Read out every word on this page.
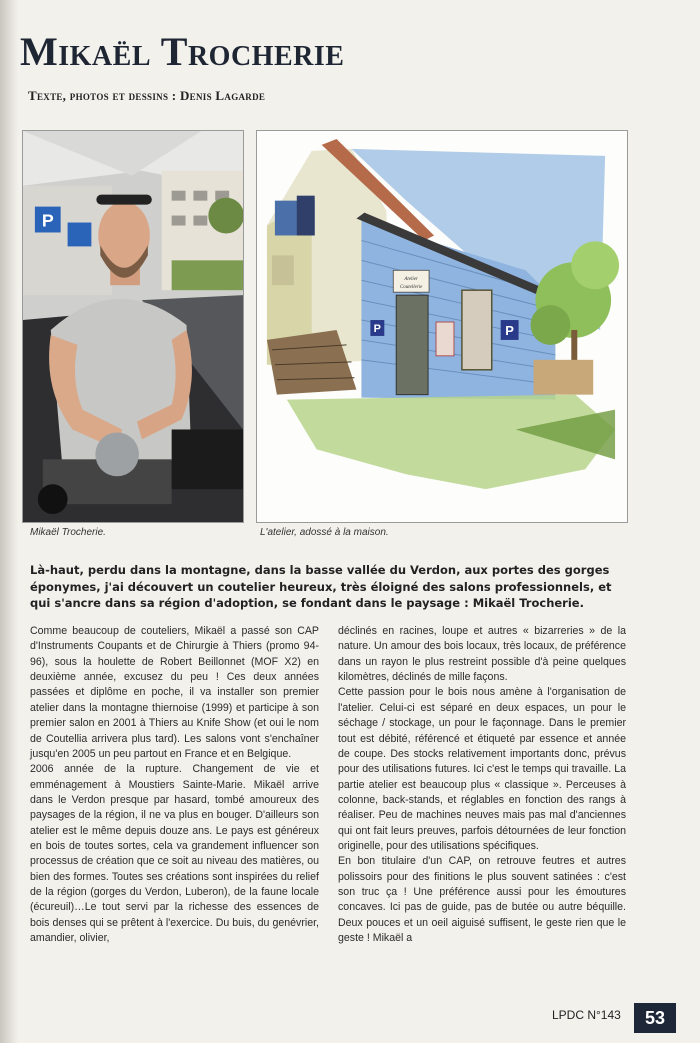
Mikaël Trocherie
Texte, photos et dessins : Denis Lagarde
P
Atelier
Coutellerie
P	P
Mikaël Trocherie.	L'atelier, adossé à la maison.

Là-haut, perdu dans la montagne, dans la basse vallée du Verdon, aux portes des gorges éponymes, j'ai découvert un coutelier heureux, très éloigné des salons professionnels, et qui s'ancre dans sa région d'adoption, se fondant dans le paysage : Mikaël Trocherie.

Comme beaucoup de couteliers, Mikaël a passé son CAP d'Instruments Coupants et de Chirurgie à Thiers (promo 94-96), sous la houlette de Robert Beillonnet (MOF X2) en deuxième année, excusez du peu ! Ces deux années passées et diplôme en poche, il va installer son premier atelier dans la montagne thiernoise (1999) et participe à son premier salon en 2001 à Thiers au Knife Show (et oui le nom de Coutellia arrivera plus tard). Les salons vont s'enchaîner jusqu'en 2005 un peu partout en France et en Belgique.

2006 année de la rupture. Changement de vie et emménagement à Moustiers Sainte-Marie. Mikaël arrive dans le Verdon presque par hasard, tombé amoureux des paysages de la région, il ne va plus en bouger. D'ailleurs son atelier est le même depuis douze ans. Le pays est généreux en bois de toutes sortes, cela va grandement influencer son processus de création que ce soit au niveau des matières, ou bien des formes. Toutes ses créations sont inspirées du relief de la région (gorges du Verdon, Luberon), de la faune locale (écureuil)…Le tout servi par la richesse des essences de bois denses qui se prêtent à l'exercice. Du buis, du genévrier, amandier, olivier,

déclinés en racines, loupe et autres « bizarreries » de la nature. Un amour des bois locaux, très locaux, de préférence dans un rayon le plus restreint possible d'à peine quelques kilomètres, déclinés de mille façons.

Cette passion pour le bois nous amène à l'organisation de l'atelier. Celui-ci est séparé en deux espaces, un pour le séchage / stockage, un pour le façonnage. Dans le premier tout est débité, référencé et étiqueté par essence et année de coupe. Des stocks relativement importants donc, prévus pour des utilisations futures. Ici c'est le temps qui travaille. La partie atelier est beaucoup plus « classique ». Perceuses à colonne, back-stands, et réglables en fonction des rangs à réaliser. Peu de machines neuves mais pas mal d'anciennes qui ont fait leurs preuves, parfois détournées de leur fonction originelle, pour des utilisations spécifiques.

En bon titulaire d'un CAP, on retrouve feutres et autres polissoirs pour des finitions le plus souvent satinées : c'est son truc ça ! Une préférence aussi pour les émoutures concaves. Ici pas de guide, pas de butée ou autre béquille. Deux pouces et un oeil aiguisé suffisent, le geste rien que le geste ! Mikaël a

LPDC N°143	53
